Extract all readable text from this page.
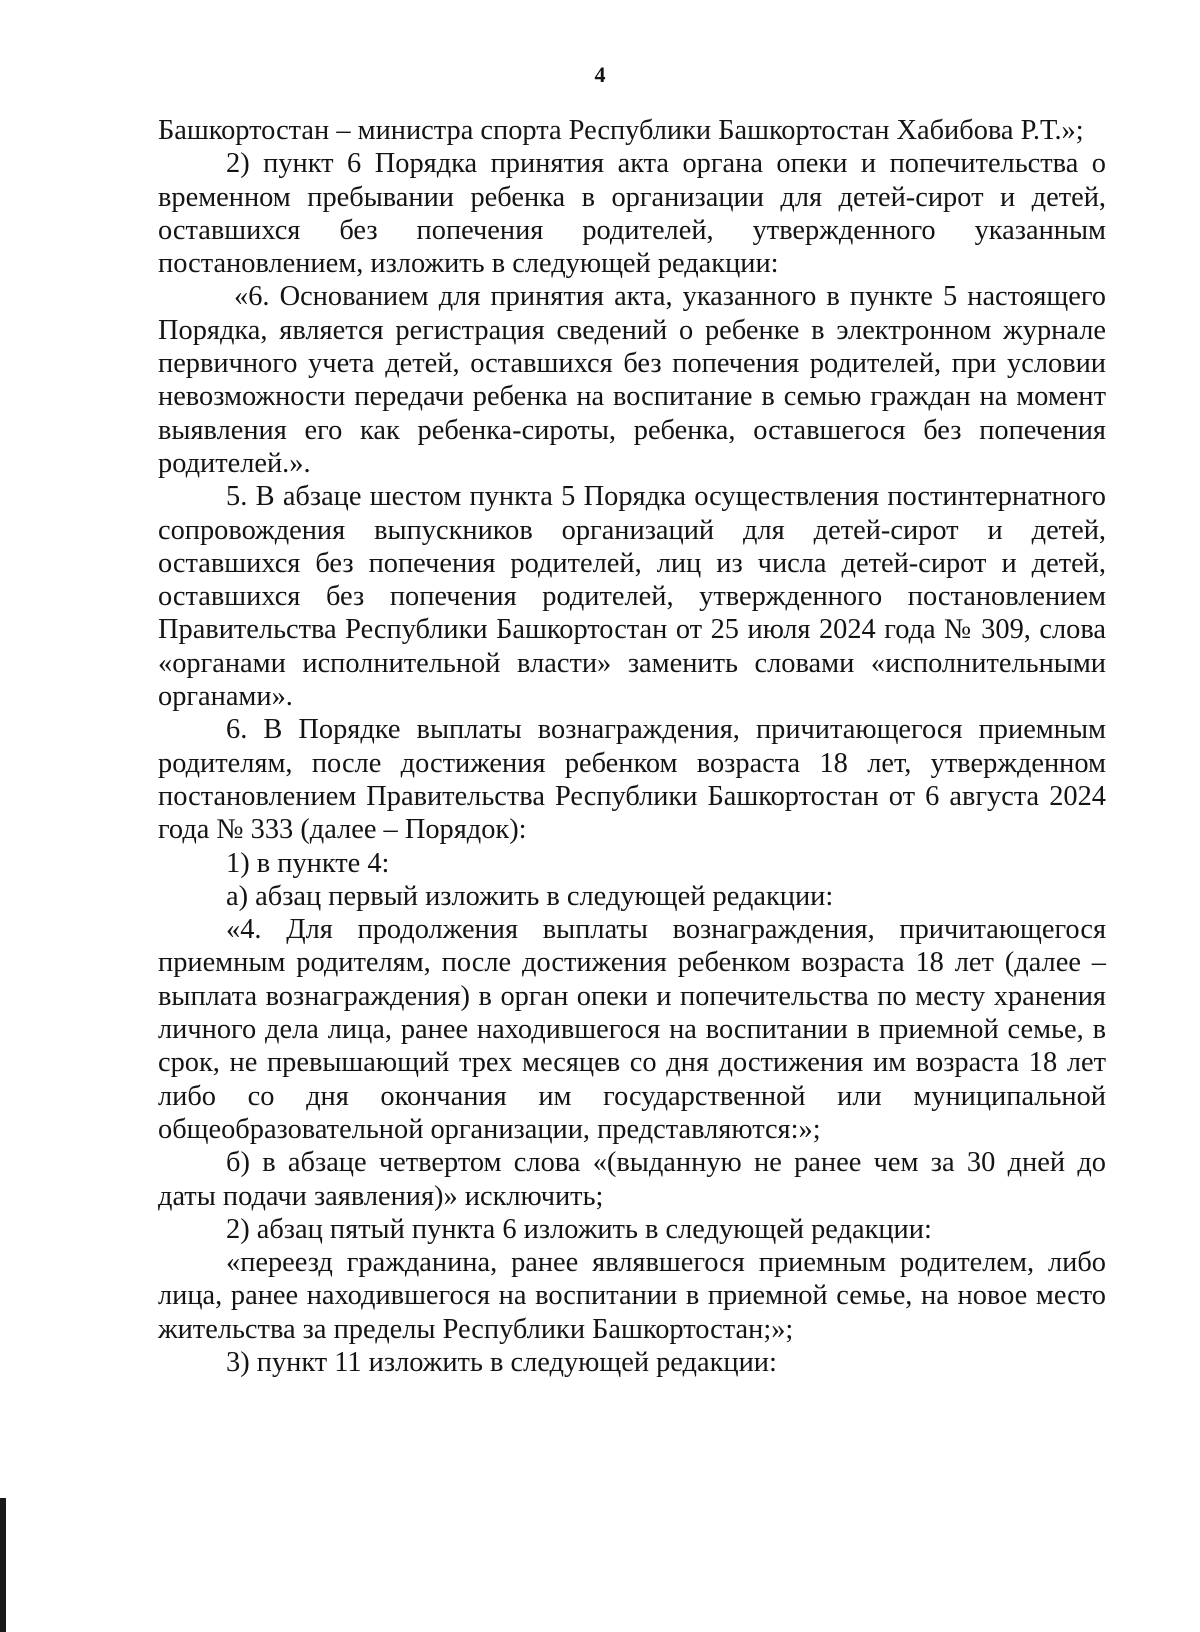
4

Башкортостан – министра спорта Республики Башкортостан Хабибова Р.Т.»;

2) пункт 6 Порядка принятия акта органа опеки и попечительства о временном пребывании ребенка в организации для детей-сирот и детей, оставшихся без попечения родителей, утвержденного указанным постановлением, изложить в следующей редакции:

«6. Основанием для принятия акта, указанного в пункте 5 настоящего Порядка, является регистрация сведений о ребенке в электронном журнале первичного учета детей, оставшихся без попечения родителей, при условии невозможности передачи ребенка на воспитание в семью граждан на момент выявления его как ребенка-сироты, ребенка, оставшегося без попечения родителей.».

5. В абзаце шестом пункта 5 Порядка осуществления постинтернатного сопровождения выпускников организаций для детей-сирот и детей, оставшихся без попечения родителей, лиц из числа детей-сирот и детей, оставшихся без попечения родителей, утвержденного постановлением Правительства Республики Башкортостан от 25 июля 2024 года № 309, слова «органами исполнительной власти» заменить словами «исполнительными органами».

6. В Порядке выплаты вознаграждения, причитающегося приемным родителям, после достижения ребенком возраста 18 лет, утвержденном постановлением Правительства Республики Башкортостан от 6 августа 2024 года № 333 (далее – Порядок):

1) в пункте 4:

а) абзац первый изложить в следующей редакции:

«4. Для продолжения выплаты вознаграждения, причитающегося приемным родителям, после достижения ребенком возраста 18 лет (далее – выплата вознаграждения) в орган опеки и попечительства по месту хранения личного дела лица, ранее находившегося на воспитании в приемной семье, в срок, не превышающий трех месяцев со дня достижения им возраста 18 лет либо со дня окончания им государственной или муниципальной общеобразовательной организации, представляются:»;

б) в абзаце четвертом слова «(выданную не ранее чем за 30 дней до даты подачи заявления)» исключить;

2) абзац пятый пункта 6 изложить в следующей редакции:

«переезд гражданина, ранее являвшегося приемным родителем, либо лица, ранее находившегося на воспитании в приемной семье, на новое место жительства за пределы Республики Башкортостан;»;

3) пункт 11 изложить в следующей редакции:
